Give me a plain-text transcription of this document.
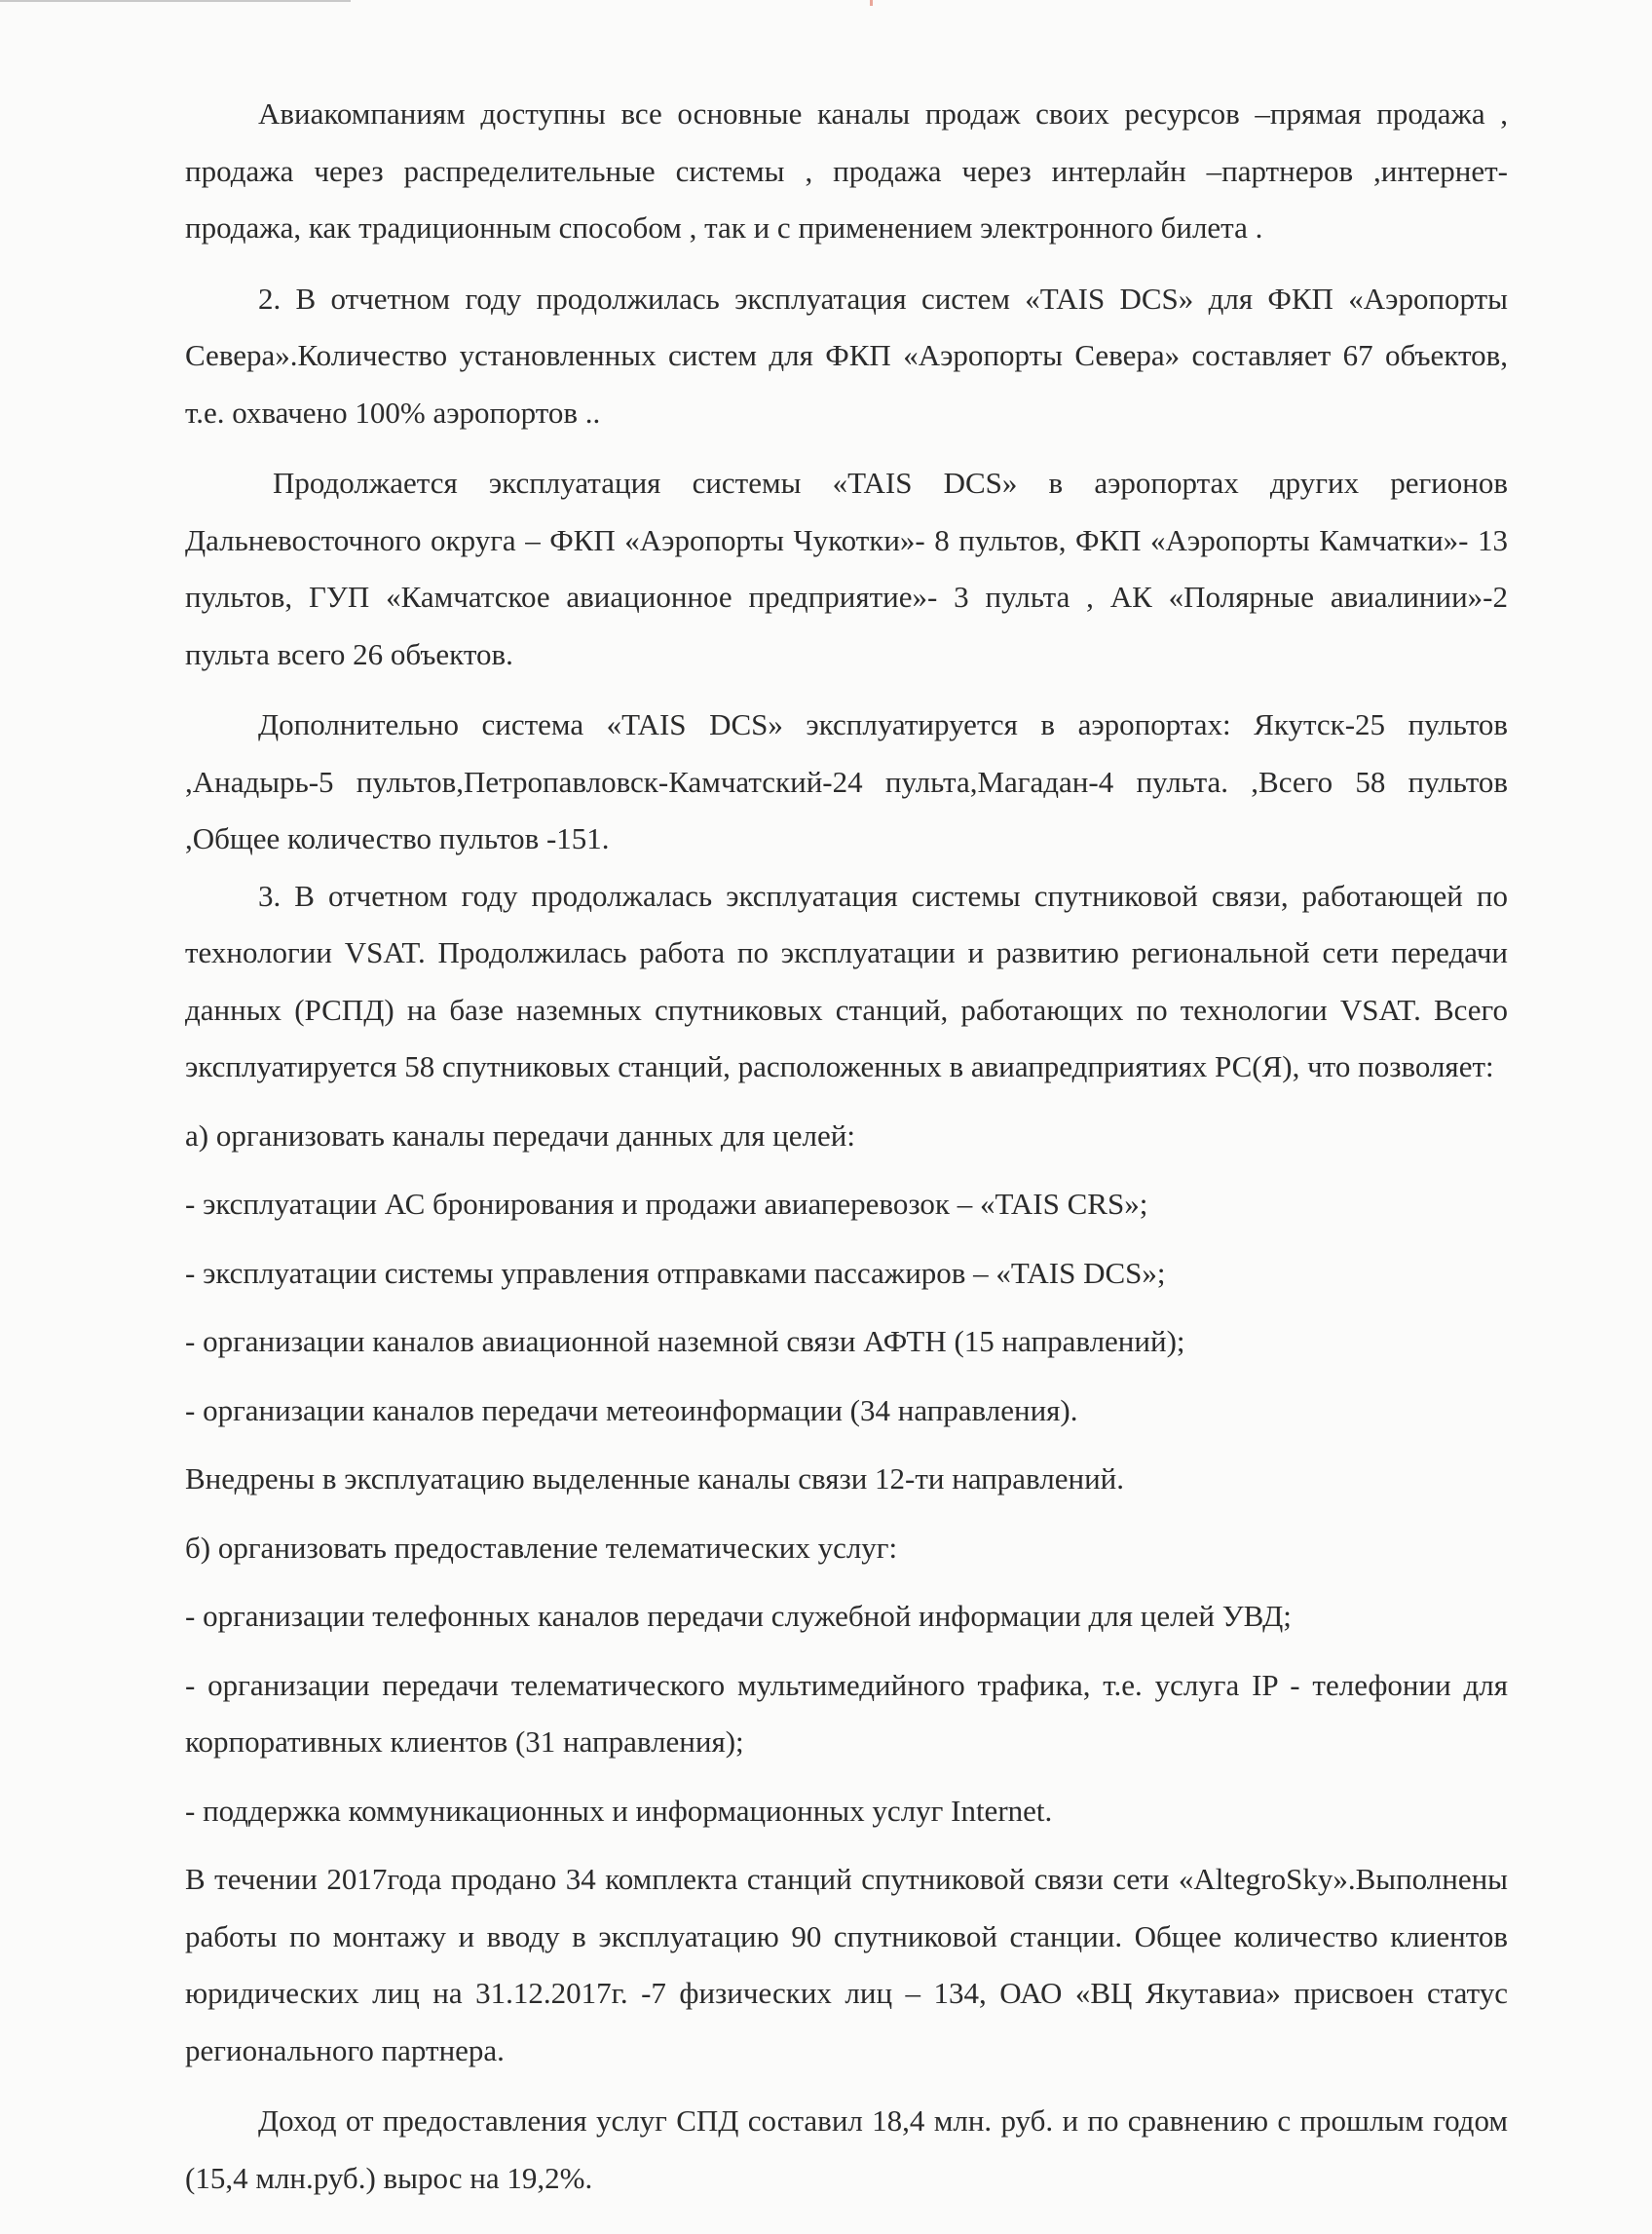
Авиакомпаниям доступны все основные каналы продаж своих ресурсов –прямая продажа , продажа через распределительные системы , продажа через интерлайн –партнеров ,интернет-продажа, как традиционным способом , так и с применением электронного билета .

2. В отчетном году продолжилась эксплуатация систем «TAIS DCS» для ФКП «Аэропорты Севера».Количество установленных систем для ФКП «Аэропорты Севера» составляет 67 объектов, т.е. охвачено 100% аэропортов ..

Продолжается эксплуатация системы «TAIS DCS» в аэропортах других регионов Дальневосточного округа – ФКП «Аэропорты Чукотки»- 8 пультов, ФКП «Аэропорты Камчатки»- 13 пультов, ГУП «Камчатское авиационное предприятие»- 3 пульта , АК «Полярные авиалинии»-2 пульта всего 26 объектов.

Дополнительно система «TAIS DCS» эксплуатируется в аэропортах: Якутск-25 пультов ,Анадырь-5 пультов,Петропавловск-Камчатский-24 пульта,Магадан-4 пульта. ,Всего 58 пультов ,Общее количество пультов -151.

3. В отчетном году продолжалась эксплуатация системы спутниковой связи, работающей по технологии VSAT. Продолжилась работа по эксплуатации и развитию региональной сети передачи данных (РСПД) на базе наземных спутниковых станций, работающих по технологии VSAT. Всего эксплуатируется 58 спутниковых станций, расположенных в авиапредприятиях РС(Я), что позволяет:

а) организовать каналы передачи данных для целей:

- эксплуатации АС бронирования и продажи авиаперевозок – «TAIS CRS»;

- эксплуатации системы управления отправками пассажиров – «TAIS DCS»;

- организации каналов авиационной наземной связи АФТН (15 направлений);

- организации каналов передачи метеоинформации (34 направления).

Внедрены в эксплуатацию выделенные каналы связи 12-ти направлений.

б) организовать предоставление телематических услуг:

- организации телефонных каналов передачи служебной информации для целей УВД;

- организации передачи телематического мультимедийного трафика, т.е. услуга IP - телефонии для корпоративных клиентов (31 направления);

- поддержка коммуникационных и информационных услуг Internet.

В течении 2017года продано 34 комплекта станций спутниковой связи сети «AltegroSky».Выполнены работы по монтажу и вводу в эксплуатацию 90 спутниковой станции. Общее количество клиентов юридических лиц на 31.12.2017г. -7 физических лиц – 134, ОАО «ВЦ Якутавиа» присвоен статус регионального партнера.

Доход от предоставления услуг СПД составил 18,4 млн. руб. и по сравнению с прошлым годом (15,4 млн.руб.) вырос на 19,2%.
